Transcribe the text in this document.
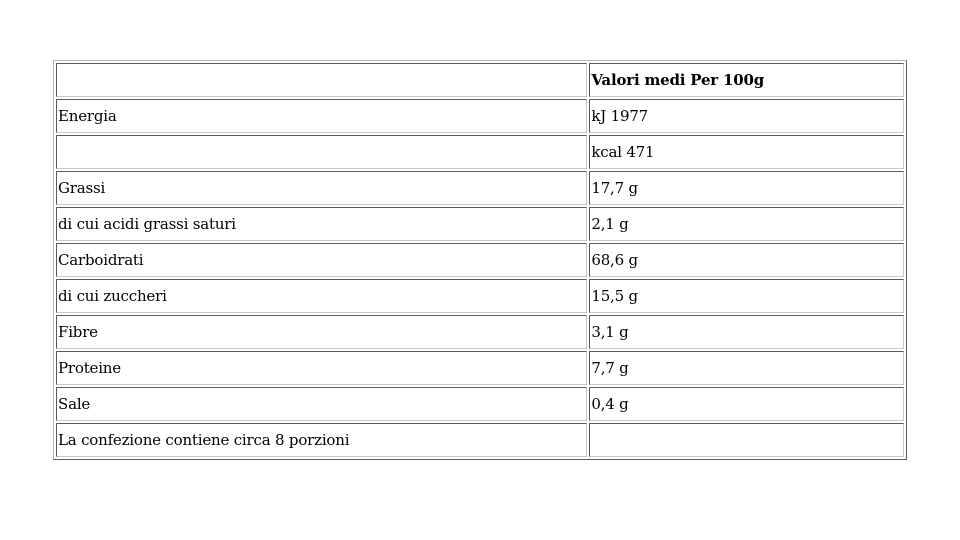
	Valori medi Per 100g
Energia	kJ 1977
	kcal 471
Grassi	17,7 g
di cui acidi grassi saturi	2,1 g
Carboidrati	68,6 g
di cui zuccheri	15,5 g
Fibre	3,1 g
Proteine	7,7 g
Sale	0,4 g
La confezione contiene circa 8 porzioni	
